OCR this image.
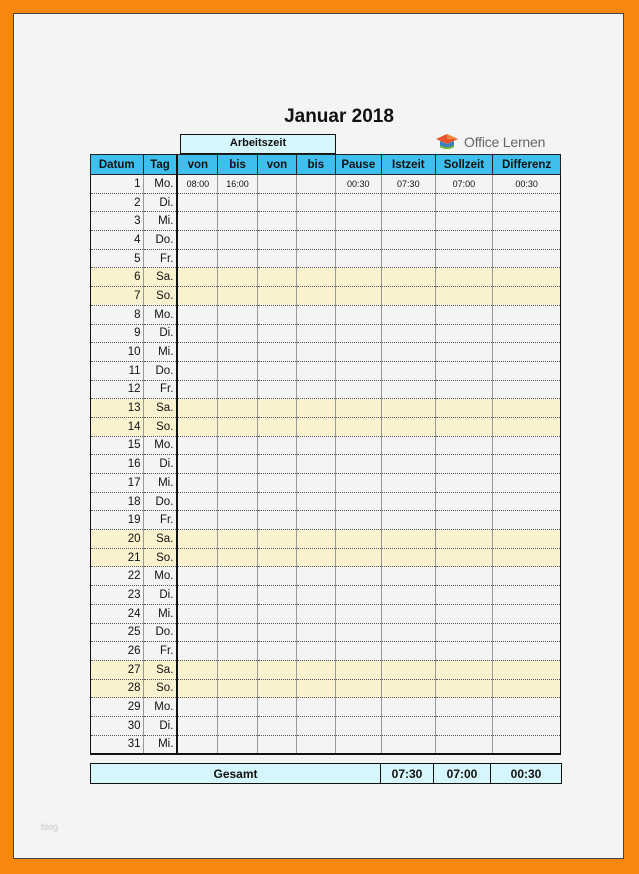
Januar 2018
Office Lernen
Arbeitszeit
Datum	Tag	von	bis	von	bis	Pause	Istzeit	Sollzeit	Differenz
1	Mo.	08:00	16:00			00:30	07:30	07:00	00:30
2	Di.								
3	Mi.								
4	Do.								
5	Fr.								
6	Sa.								
7	So.								
8	Mo.								
9	Di.								
10	Mi.								
11	Do.								
12	Fr.								
13	Sa.								
14	So.								
15	Mo.								
16	Di.								
17	Mi.								
18	Do.								
19	Fr.								
20	Sa.								
21	So.								
22	Mo.								
23	Di.								
24	Mi.								
25	Do.								
26	Fr.								
27	Sa.								
28	So.								
29	Mo.								
30	Di.								
31	Mi.								
Gesamt	07:30	07:00	00:30
blog
